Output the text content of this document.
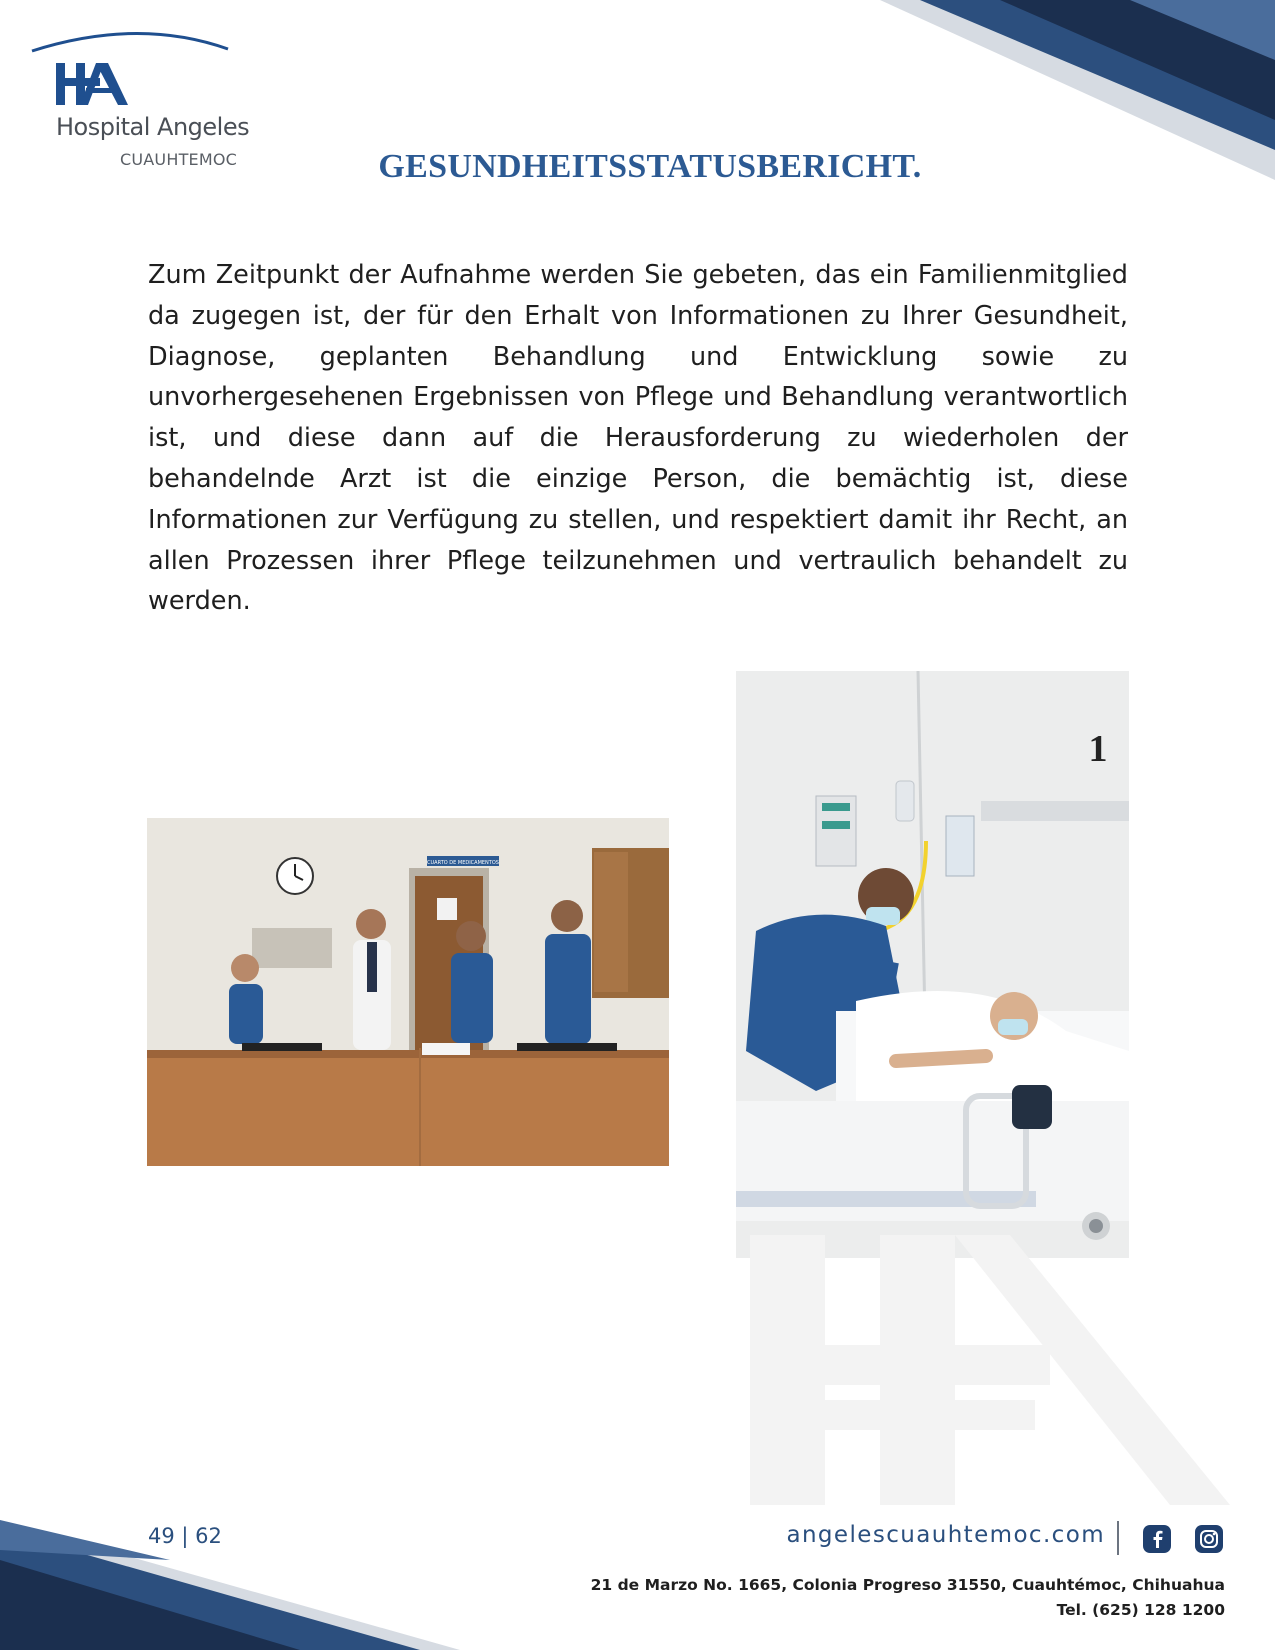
Hospital Angeles
CUAUHTEMOC	GESUNDHEITSSTATUSBERICHT.
Zum Zeitpunkt der Aufnahme werden Sie gebeten, das ein Familienmitglied da zugegen ist, der für den Erhalt von Informationen zu Ihrer Gesundheit, Diagnose, geplanten Behandlung und Entwicklung sowie zu unvorhergesehenen Ergebnissen von Pflege und Behandlung verantwortlich ist, und diese dann auf die Herausforderung zu wiederholen der behandelnde Arzt ist die einzige Person, die bemächtig ist, diese Informationen zur Verfügung zu stellen, und respektiert damit ihr Recht, an allen Prozessen ihrer Pflege teilzunehmen und vertraulich behandelt zu werden.
CUARTO DE MEDICAMENTOS
1
49 | 62	angelescuauhtemoc.com
21 de Marzo No. 1665, Colonia Progreso 31550, Cuauhtémoc, Chihuahua
Tel. (625) 128 1200
